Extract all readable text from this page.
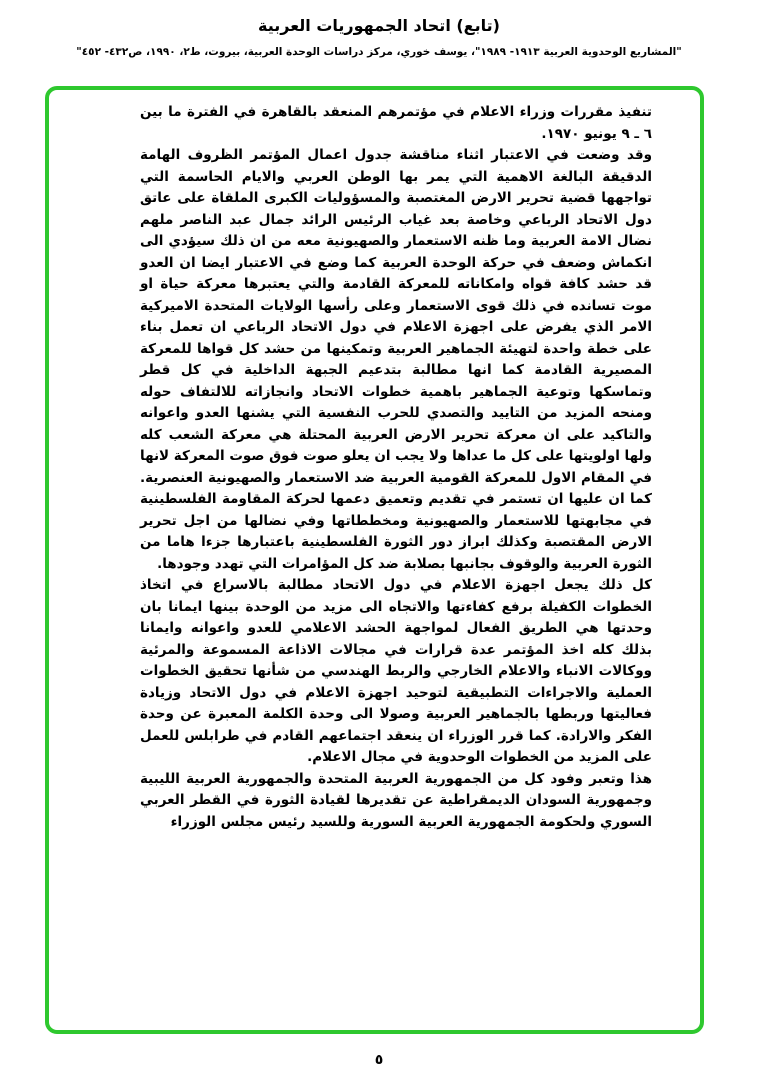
(تابع) اتحاد الجمهوريات العربية
"المشاريع الوحدوية العربية ١٩١٣- ١٩٨٩"، يوسف خوري، مركز دراسات الوحدة العربية، بيروت، ط٢، ١٩٩٠، ص٤٣٢- ٤٥٢"

تنفيذ مقررات وزراء الاعلام في مؤتمرهم المنعقد بالقاهرة في الفترة ما بين ٦ ـ ٩ يونيو ١٩٧٠.

وقد وضعت في الاعتبار اثناء مناقشة جدول اعمال المؤتمر الظروف الهامة الدقيقة البالغة الاهمية التي يمر بها الوطن العربي والايام الحاسمة التي تواجهها قضية تحرير الارض المغتصبة والمسؤوليات الكبرى الملقاة على عاتق دول الاتحاد الرباعي وخاصة بعد غياب الرئيس الرائد جمال عبد الناصر ملهم نضال الامة العربية وما ظنه الاستعمار والصهيونية معه من ان ذلك سيؤدي الى انكماش وضعف في حركة الوحدة العربية كما وضع في الاعتبار ايضا ان العدو قد حشد كافة قواه وامكاناته للمعركة القادمة والتي يعتبرها معركة حياة او موت تسانده في ذلك قوى الاستعمار وعلى رأسها الولايات المتحدة الاميركية الامر الذي يفرض على اجهزة الاعلام في دول الاتحاد الرباعي ان تعمل بناء على خطة واحدة لتهيئة الجماهير العربية وتمكينها من حشد كل قواها للمعركة المصيرية القادمة كما انها مطالبة بتدعيم الجبهة الداخلية في كل قطر وتماسكها وتوعية الجماهير باهمية خطوات الاتحاد وانجازاته للالتفاف حوله ومنحه المزيد من التاييد والتصدي للحرب النفسية التي يشنها العدو واعوانه والتاكيد على ان معركة تحرير الارض العربية المحتلة هي معركة الشعب كله ولها اولويتها على كل ما عداها ولا يجب ان يعلو صوت فوق صوت المعركة لانها في المقام الاول للمعركة القومية العربية ضد الاستعمار والصهيونية العنصرية. كما ان عليها ان تستمر في تقديم وتعميق دعمها لحركة المقاومة الفلسطينية في مجابهتها للاستعمار والصهيونية ومخططاتها وفي نضالها من اجل تحرير الارض المقتصبة وكذلك ابراز دور الثورة الفلسطينية باعتبارها جزءا هاما من الثورة العربية والوقوف بجانبها بصلابة ضد كل المؤامرات التي تهدد وجودها.

كل ذلك يجعل اجهزة الاعلام في دول الاتحاد مطالبة بالاسراع في اتخاذ الخطوات الكفيلة برفع كفاءتها والاتجاه الى مزيد من الوحدة بينها ايمانا بان وحدتها هي الطريق الفعال لمواجهة الحشد الاعلامي للعدو واعوانه وايمانا بذلك كله اخذ المؤتمر عدة قرارات في مجالات الاذاعة المسموعة والمرئية ووكالات الانباء والاعلام الخارجي والربط الهندسي من شأنها تحقيق الخطوات العملية والاجراءات التطبيقية لتوحيد اجهزة الاعلام في دول الاتحاد وزيادة فعاليتها وربطها بالجماهير العربية وصولا الى وحدة الكلمة المعبرة عن وحدة الفكر والارادة. كما قرر الوزراء ان ينعقد اجتماعهم القادم في طرابلس للعمل على المزيد من الخطوات الوحدوية في مجال الاعلام.

هذا وتعبر وفود كل من الجمهورية العربية المتحدة والجمهورية العربية الليبية وجمهورية السودان الديمقراطية عن تقديرها لقيادة الثورة في القطر العربي السوري ولحكومة الجمهورية العربية السورية وللسيد رئيس مجلس الوزراء

٥
